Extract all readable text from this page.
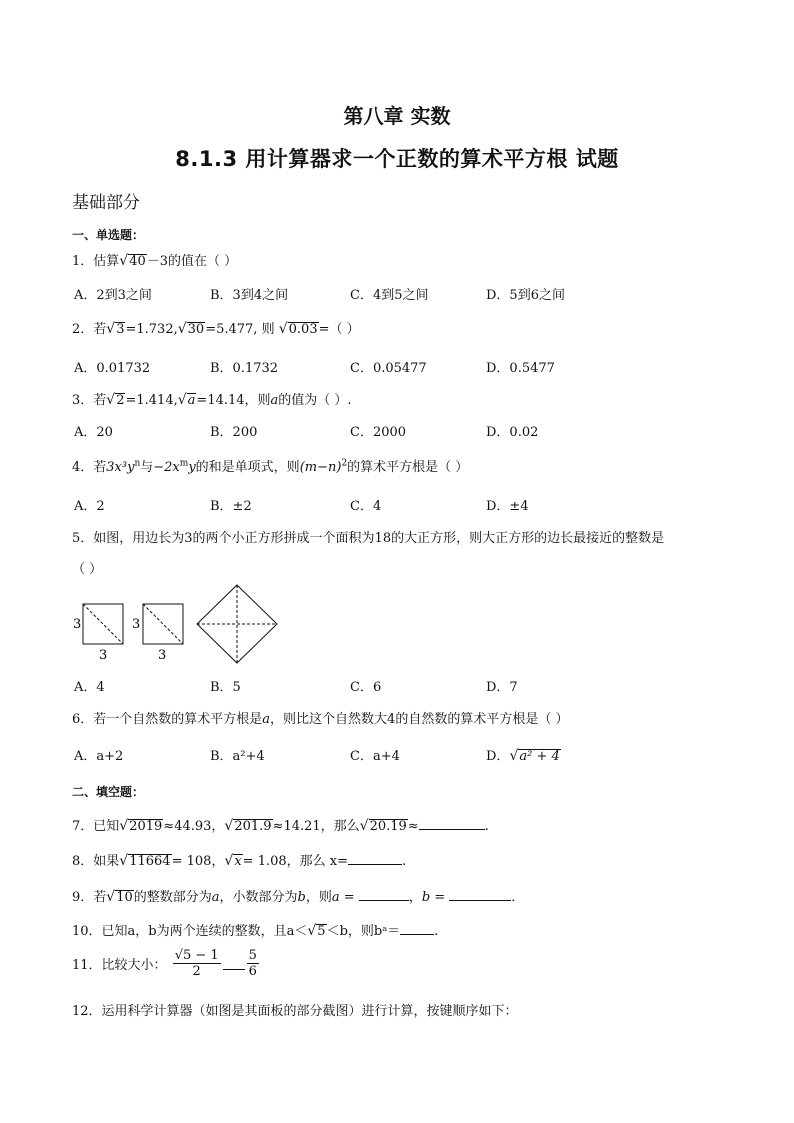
第八章 实数
8.1.3 用计算器求一个正数的算术平方根 试题
基础部分
一、单选题：
1．估算√40－3的值在（ ）
A．2到3之间	B．3到4之间	C．4到5之间	D．5到6之间
2．若√3=1.732,√30=5.477, 则 √0.03=（ ）
A．0.01732	B．0.1732	C．0.05477	D．0.5477
3．若√2=1.414,√a=14.14，则a的值为（ ）.
A．20	B．200	C．2000	D．0.02
4．若$3x^3y^n$与$-2x^my$的和是单项式，则$(m-n)^2$的算术平方根是（ ）
A．2	B．±2	C．4	D．±4
5．如图，用边长为3的两个小正方形拼成一个面积为18的大正方形，则大正方形的边长最接近的整数是
（ ）
3
3
3
3
A．4	B．5	C．6	D．7
6．若一个自然数的算术平方根是a，则比这个自然数大4的自然数的算术平方根是（ ）
A．a+2	B．a²+4	C．a+4	D．√a² + 4
二、填空题：
7．已知√2019≈44.93，√201.9≈14.21，那么√20.19≈	.
8．如果√11664= 108，√x= 1.08，那么 x=	.
9．若√10的整数部分为a，小数部分为b，则a =	，b =	．
10．已知a，b为两个连续的整数，且a＜√5＜b，则bᵃ＝	.
11．比较大小： $\frac{√5 - 1}{2} \frac{5}{6}$
12．运用科学计算器（如图是其面板的部分截图）进行计算，按键顺序如下：
